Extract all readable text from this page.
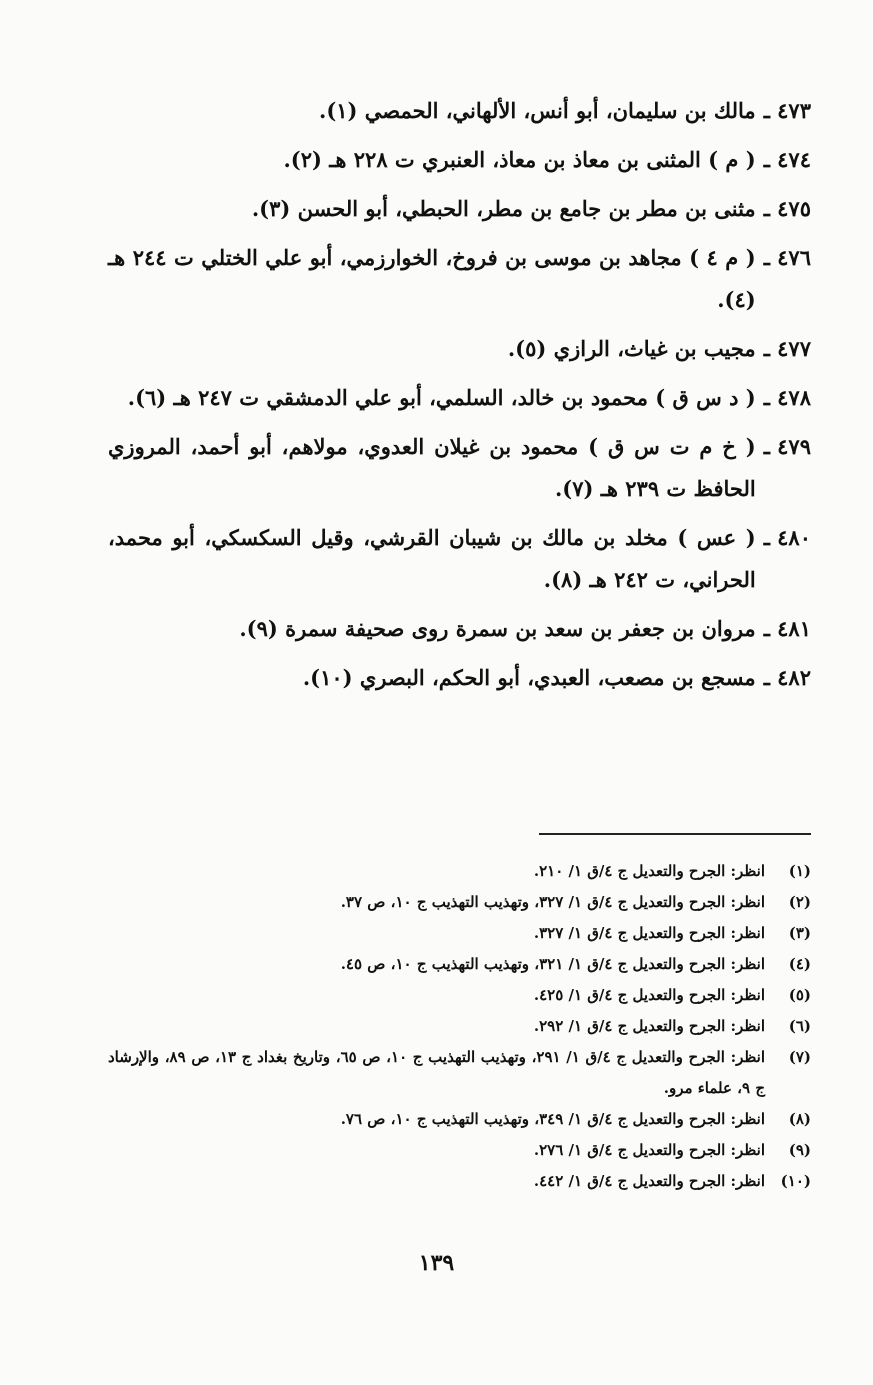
٤٧٣ ـ
مالك بن سليمان، أبو أنس، الألهاني، الحمصي (١).
٤٧٤ ـ
( م ) المثنى بن معاذ بن معاذ، العنبري ت ٢٢٨ هـ (٢).
٤٧٥ ـ
مثنى بن مطر بن جامع بن مطر، الحبطي، أبو الحسن (٣).
٤٧٦ ـ
( م ٤ ) مجاهد بن موسى بن فروخ، الخوارزمي، أبو علي الختلي ت ٢٤٤ هـ (٤).
٤٧٧ ـ
مجيب بن غياث، الرازي (٥).
٤٧٨ ـ
( د س ق ) محمود بن خالد، السلمي، أبو علي الدمشقي ت ٢٤٧ هـ (٦).
٤٧٩ ـ
( خ م ت س ق ) محمود بن غيلان العدوي، مولاهم، أبو أحمد، المروزي الحافظ ت ٢٣٩ هـ (٧).
٤٨٠ ـ
( عس ) مخلد بن مالك بن شيبان القرشي، وقيل السكسكي، أبو محمد، الحراني، ت ٢٤٢ هـ (٨).
٤٨١ ـ
مروان بن جعفر بن سعد بن سمرة روى صحيفة سمرة (٩).
٤٨٢ ـ
مسجع بن مصعب، العبدي، أبو الحكم، البصري (١٠).
(١)
انظر: الجرح والتعديل ج ٤/ق ١/ ٢١٠.
(٢)
انظر: الجرح والتعديل ج ٤/ق ١/ ٣٢٧، وتهذيب التهذيب ج ١٠، ص ٣٧.
(٣)
انظر: الجرح والتعديل ج ٤/ق ١/ ٣٢٧.
(٤)
انظر: الجرح والتعديل ج ٤/ق ١/ ٣٢١، وتهذيب التهذيب ج ١٠، ص ٤٥.
(٥)
انظر: الجرح والتعديل ج ٤/ق ١/ ٤٢٥.
(٦)
انظر: الجرح والتعديل ج ٤/ق ١/ ٢٩٢.
(٧)
انظر: الجرح والتعديل ج ٤/ق ١/ ٢٩١، وتهذيب التهذيب ج ١٠، ص ٦٥، وتاريخ بغداد ج ١٣، ص ٨٩، والإرشاد ج ٩، علماء مرو.
(٨)
انظر: الجرح والتعديل ج ٤/ق ١/ ٣٤٩، وتهذيب التهذيب ج ١٠، ص ٧٦.
(٩)
انظر: الجرح والتعديل ج ٤/ق ١/ ٢٧٦.
(١٠)
انظر: الجرح والتعديل ج ٤/ق ١/ ٤٤٢.
١٣٩
